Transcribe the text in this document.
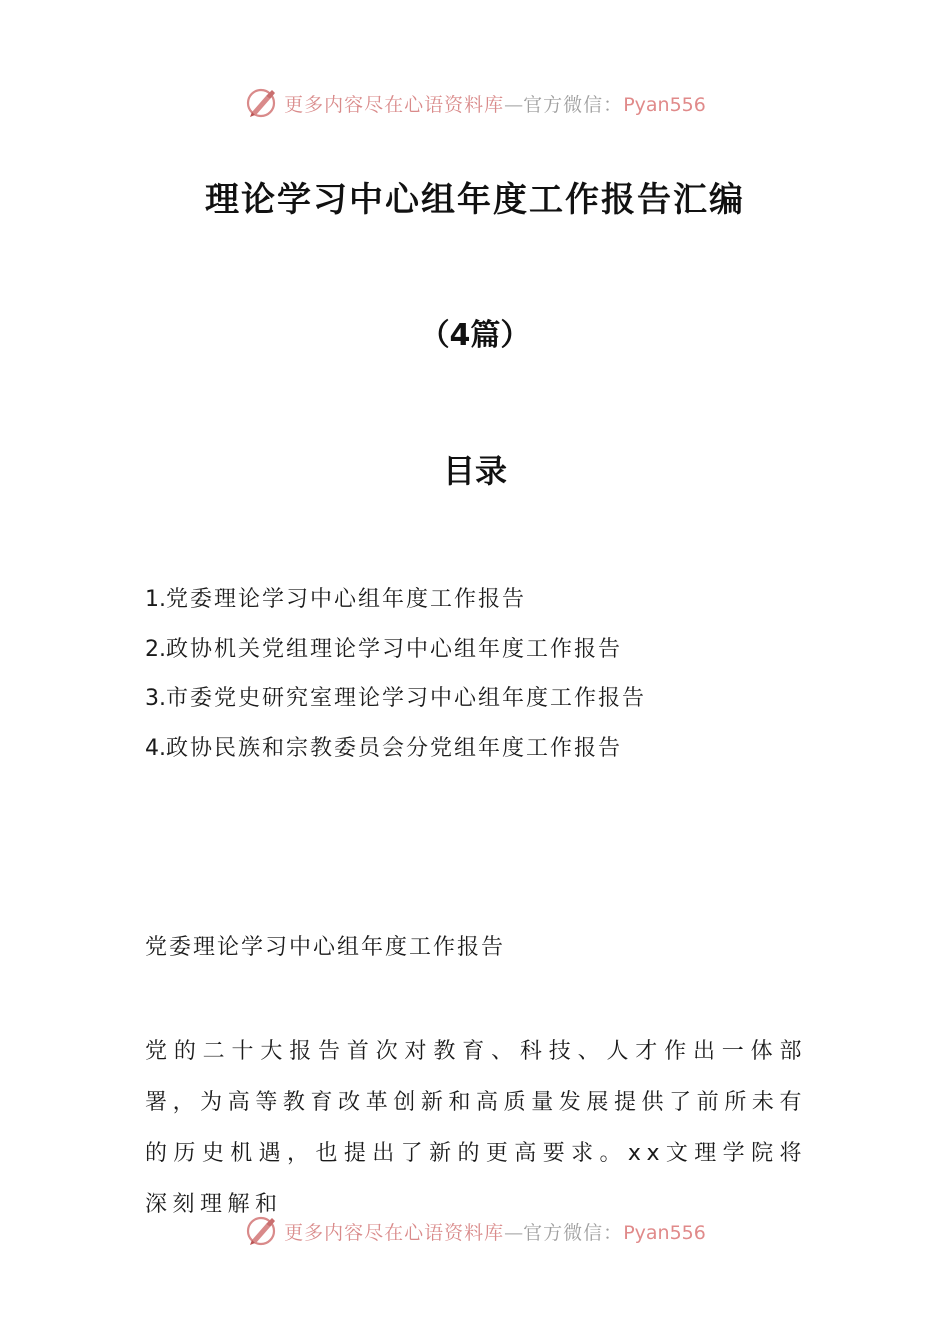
更多内容尽在心语资料库—官方微信：Pyan556
理论学习中心组年度工作报告汇编
（4篇）
目录
1.党委理论学习中心组年度工作报告
2.政协机关党组理论学习中心组年度工作报告
3.市委党史研究室理论学习中心组年度工作报告
4.政协民族和宗教委员会分党组年度工作报告
党委理论学习中心组年度工作报告

党的二十大报告首次对教育、科技、人才作出一体部署，为高等教育改革创新和高质量发展提供了前所未有的历史机遇，也提出了新的更高要求。xx文理学院将深刻理解和

更多内容尽在心语资料库—官方微信：Pyan556
